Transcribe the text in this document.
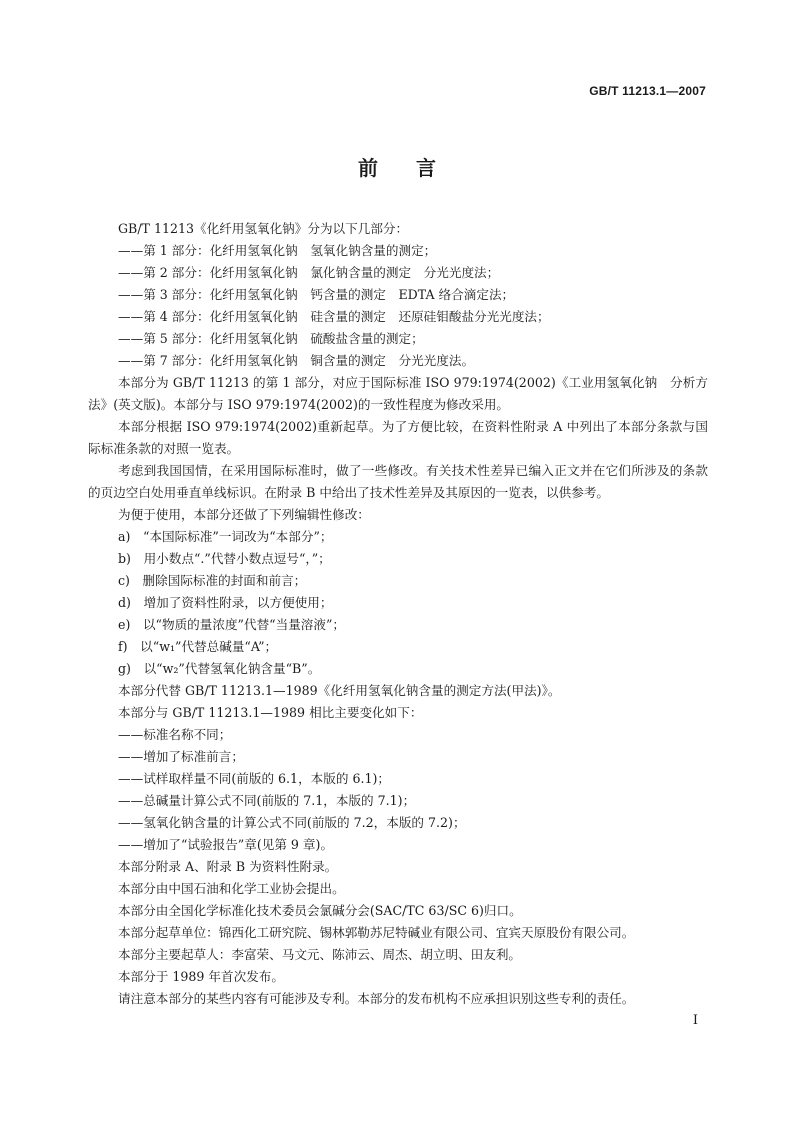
GB/T 11213.1—2007
前言
GB/T 11213《化纤用氢氧化钠》分为以下几部分：
——第 1 部分：化纤用氢氧化钠　氢氧化钠含量的测定；
——第 2 部分：化纤用氢氧化钠　氯化钠含量的测定　分光光度法；
——第 3 部分：化纤用氢氧化钠　钙含量的测定　EDTA 络合滴定法；
——第 4 部分：化纤用氢氧化钠　硅含量的测定　还原硅钼酸盐分光光度法；
——第 5 部分：化纤用氢氧化钠　硫酸盐含量的测定；
——第 7 部分：化纤用氢氧化钠　铜含量的测定　分光光度法。
本部分为 GB/T 11213 的第 1 部分，对应于国际标准 ISO 979:1974(2002)《工业用氢氧化钠　分析方法》(英文版)。本部分与 ISO 979:1974(2002)的一致性程度为修改采用。
本部分根据 ISO 979:1974(2002)重新起草。为了方便比较，在资料性附录 A 中列出了本部分条款与国际标准条款的对照一览表。
考虑到我国国情，在采用国际标准时，做了一些修改。有关技术性差异已编入正文并在它们所涉及的条款的页边空白处用垂直单线标识。在附录 B 中给出了技术性差异及其原因的一览表，以供参考。
为便于使用，本部分还做了下列编辑性修改：
a)　“本国际标准”一词改为“本部分”；
b)　用小数点“.”代替小数点逗号“，”；
c)　删除国际标准的封面和前言；
d)　增加了资料性附录，以方便使用；
e)　以“物质的量浓度”代替“当量溶液”；
f)　以“w₁”代替总碱量“A”；
g)　以“w₂”代替氢氧化钠含量“B”。
本部分代替 GB/T 11213.1—1989《化纤用氢氧化钠含量的测定方法(甲法)》。
本部分与 GB/T 11213.1—1989 相比主要变化如下：
——标准名称不同；
——增加了标准前言；
——试样取样量不同(前版的 6.1，本版的 6.1)；
——总碱量计算公式不同(前版的 7.1，本版的 7.1)；
——氢氧化钠含量的计算公式不同(前版的 7.2，本版的 7.2)；
——增加了“试验报告”章(见第 9 章)。
本部分附录 A、附录 B 为资料性附录。
本部分由中国石油和化学工业协会提出。
本部分由全国化学标准化技术委员会氯碱分会(SAC/TC 63/SC 6)归口。
本部分起草单位：锦西化工研究院、锡林郭勒苏尼特碱业有限公司、宜宾天原股份有限公司。
本部分主要起草人：李富荣、马文元、陈沛云、周杰、胡立明、田友利。
本部分于 1989 年首次发布。
请注意本部分的某些内容有可能涉及专利。本部分的发布机构不应承担识别这些专利的责任。
I
